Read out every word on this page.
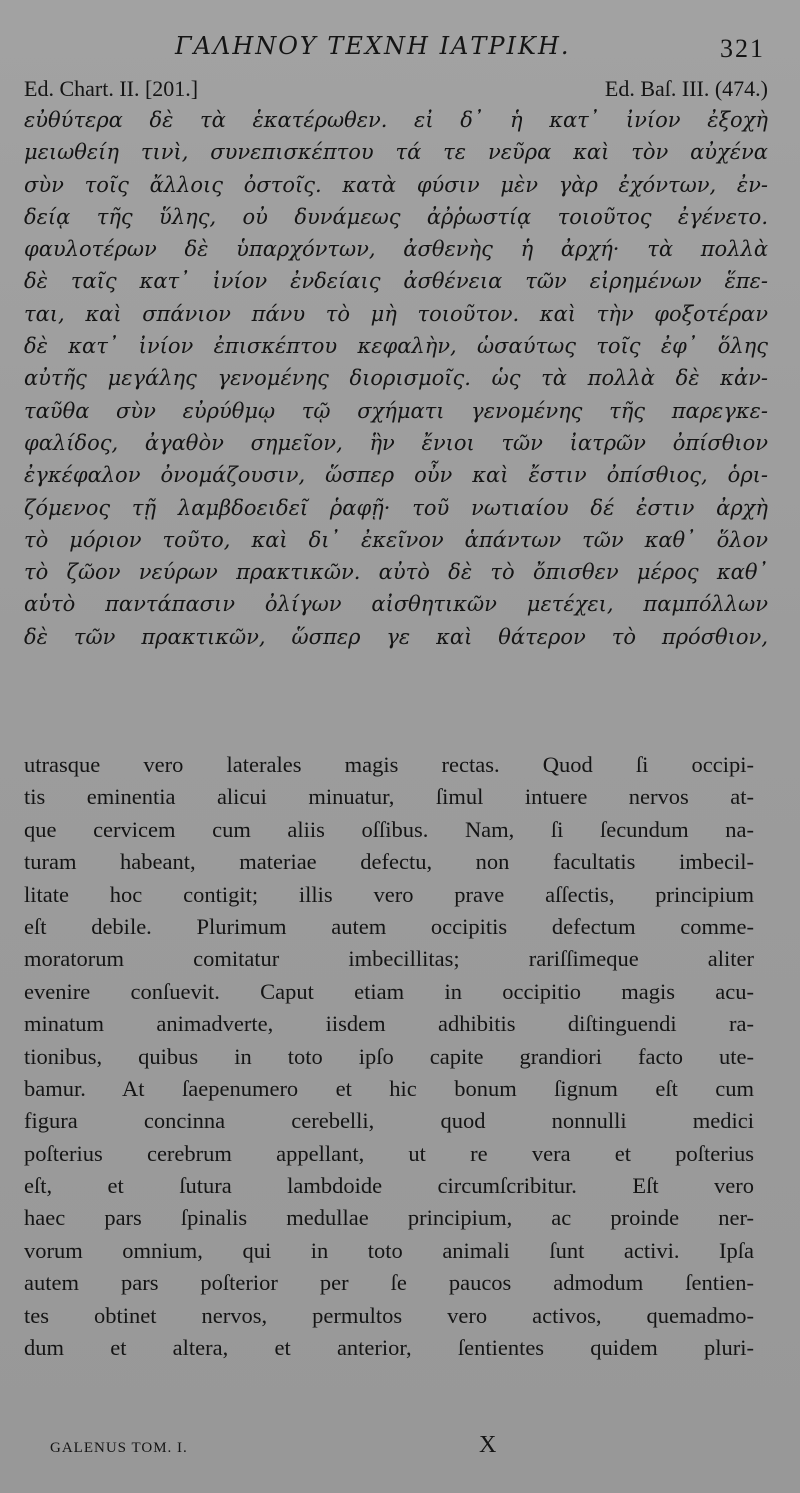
ΓΑΛΗΝΟΥ ΤΕΧΝΗ ΙΑΤΡΙΚΗ.	321
Ed. Chart. II. [201.]	Ed. Baſ. III. (474.)
εὐθύτερα δὲ τὰ ἑκατέρωθεν. εἰ δ᾽ ἡ κατ᾽ ἰνίον ἐξοχὴ
μειωθείη τινὶ, συνεπισκέπτου τά τε νεῦρα καὶ τὸν αὐχένα
σὺν τοῖς ἄλλοις ὀστοῖς. κατὰ φύσιν μὲν γὰρ ἐχόντων, ἐν-
δείᾳ τῆς ὕλης, οὐ δυνάμεως ἀῤῥωστίᾳ τοιοῦτος ἐγένετο.
φαυλοτέρων δὲ ὑπαρχόντων, ἀσθενὴς ἡ ἀρχή· τὰ πολλὰ
δὲ ταῖς κατ᾽ ἰνίον ἐνδείαις ἀσθένεια τῶν εἰρημένων ἕπε-
ται, καὶ σπάνιον πάνυ τὸ μὴ τοιοῦτον. καὶ τὴν φοξοτέραν
δὲ κατ᾽ ἰνίον ἐπισκέπτου κεφαλὴν, ὡσαύτως τοῖς ἐφ᾽ ὅλης
αὐτῆς μεγάλης γενομένης διορισμοῖς. ὡς τὰ πολλὰ δὲ κἀν-
ταῦθα σὺν εὐρύθμῳ τῷ σχήματι γενομένης τῆς παρεγκε-
φαλίδος, ἀγαθὸν σημεῖον, ἣν ἔνιοι τῶν ἰατρῶν ὀπίσθιον
ἐγκέφαλον ὀνομάζουσιν, ὥσπερ οὖν καὶ ἔστιν ὀπίσθιος, ὁρι-
ζόμενος τῇ λαμβδοειδεῖ ῥαφῇ· τοῦ νωτιαίου δέ ἐστιν ἀρχὴ
τὸ μόριον τοῦτο, καὶ δι᾽ ἐκεῖνον ἁπάντων τῶν καθ᾽ ὅλον
τὸ ζῶον νεύρων πρακτικῶν. αὐτὸ δὲ τὸ ὄπισθεν μέρος καθ᾽
αὑτὸ παντάπασιν ὀλίγων αἰσθητικῶν μετέχει, παμπόλλων
δὲ τῶν πρακτικῶν, ὥσπερ γε καὶ θάτερον τὸ πρόσθιον,
utrasque vero laterales magis rectas. Quod ſi occipi-
tis eminentia alicui minuatur, ſimul intuere nervos at-
que cervicem cum aliis oſſibus. Nam, ſi ſecundum na-
turam habeant, materiae defectu, non facultatis imbecil-
litate hoc contigit; illis vero prave aſſectis, principium
eſt debile. Plurimum autem occipitis defectum comme-
moratorum comitatur imbecillitas; rariſſimeque aliter
evenire conſuevit. Caput etiam in occipitio magis acu-
minatum animadverte, iisdem adhibitis diſtinguendi ra-
tionibus, quibus in toto ipſo capite grandiori facto ute-
bamur. At ſaepenumero et hic bonum ſignum eſt cum
figura concinna cerebelli, quod nonnulli medici
poſterius cerebrum appellant, ut re vera et poſterius
eſt, et ſutura lambdoide circumſcribitur. Eſt vero
haec pars ſpinalis medullae principium, ac proinde ner-
vorum omnium, qui in toto animali ſunt activi. Ipſa
autem pars poſterior per ſe paucos admodum ſentien-
tes obtinet nervos, permultos vero activos, quemadmo-
dum et altera, et anterior, ſentientes quidem pluri-
GALENUS TOM. I.	X
